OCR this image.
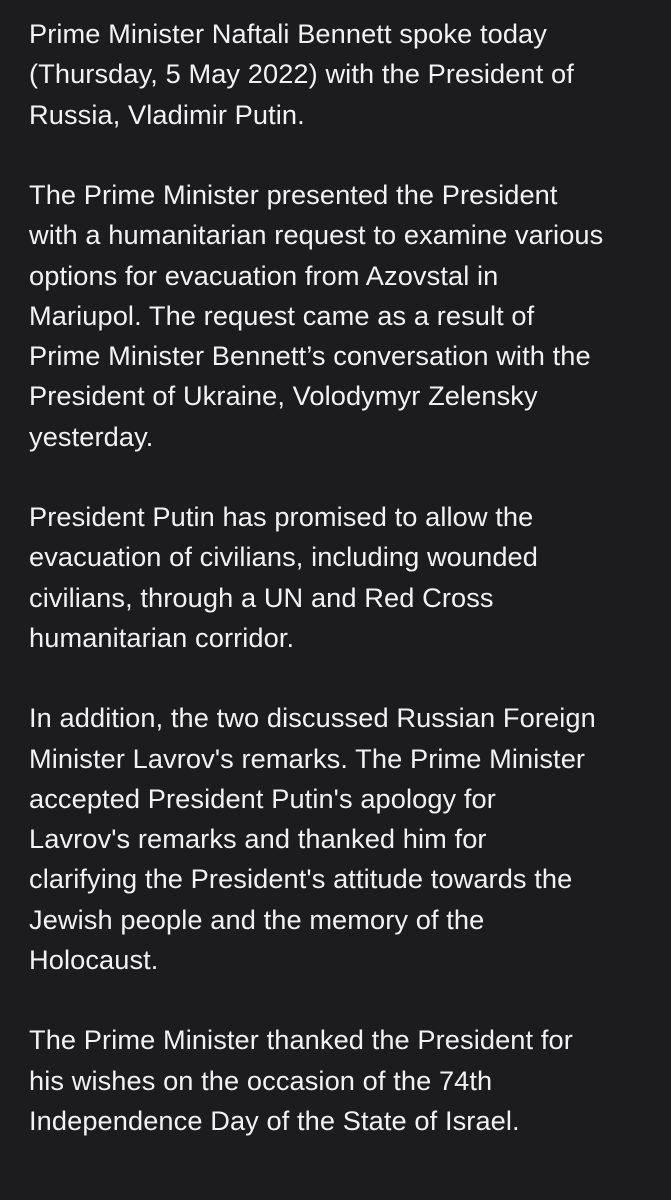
Prime Minister Naftali Bennett spoke today
(Thursday, 5 May 2022) with the President of
Russia, Vladimir Putin.

The Prime Minister presented the President
with a humanitarian request to examine various
options for evacuation from Azovstal in
Mariupol. The request came as a result of
Prime Minister Bennett’s conversation with the
President of Ukraine, Volodymyr Zelensky
yesterday.

President Putin has promised to allow the
evacuation of civilians, including wounded
civilians, through a UN and Red Cross
humanitarian corridor.

In addition, the two discussed Russian Foreign
Minister Lavrov's remarks. The Prime Minister
accepted President Putin's apology for
Lavrov's remarks and thanked him for
clarifying the President's attitude towards the
Jewish people and the memory of the
Holocaust.

The Prime Minister thanked the President for
his wishes on the occasion of the 74th
Independence Day of the State of Israel.
